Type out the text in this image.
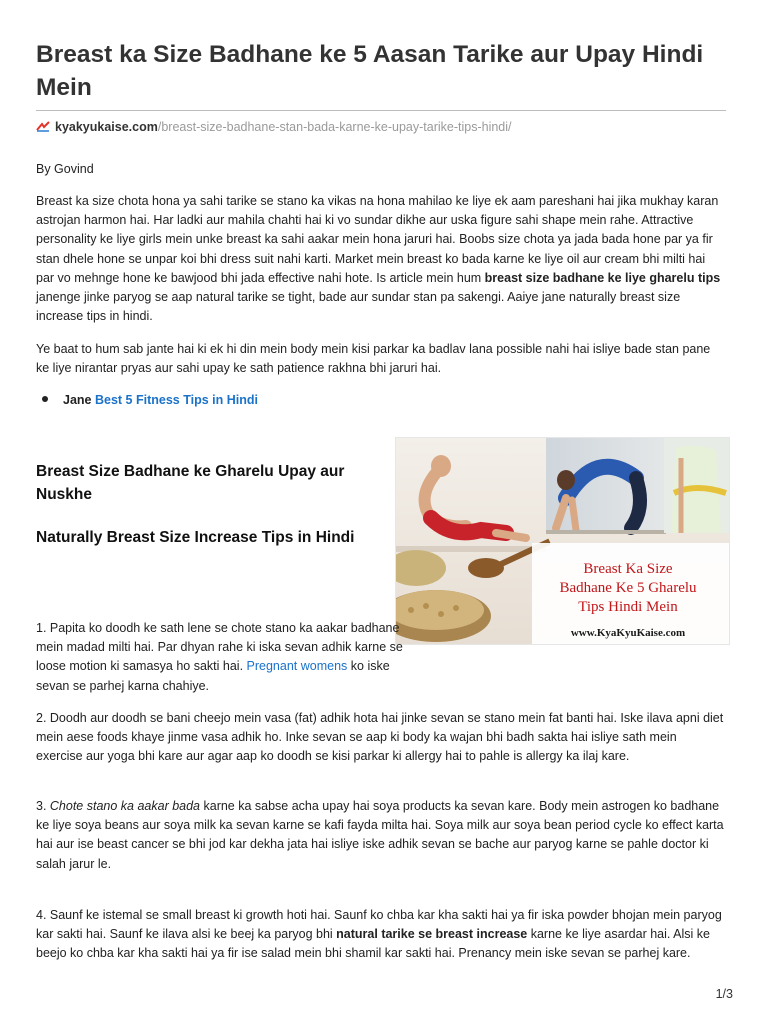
Breast ka Size Badhane ke 5 Aasan Tarike aur Upay Hindi Mein
kyakyukaise.com/breast-size-badhane-stan-bada-karne-ke-upay-tarike-tips-hindi/
By Govind

Breast ka size chota hona ya sahi tarike se stano ka vikas na hona mahilao ke liye ek aam pareshani hai jika mukhay karan astrojan harmon hai. Har ladki aur mahila chahti hai ki vo sundar dikhe aur uska figure sahi shape mein rahe. Attractive personality ke liye girls mein unke breast ka sahi aakar mein hona jaruri hai. Boobs size chota ya jada bada hone par ya fir stan dhele hone se unpar koi bhi dress suit nahi karti. Market mein breast ko bada karne ke liye oil aur cream bhi milti hai par vo mehnge hone ke bawjood bhi jada effective nahi hote. Is article mein hum breast size badhane ke liye gharelu tips janenge jinke paryog se aap natural tarike se tight, bade aur sundar stan pa sakengi. Aaiye jane naturally breast size increase tips in hindi.

Ye baat to hum sab jante hai ki ek hi din mein body mein kisi parkar ka badlav lana possible nahi hai isliye bade stan pane ke liye nirantar pryas aur sahi upay ke sath patience rakhna bhi jaruri hai.

Jane Best 5 Fitness Tips in Hindi
Breast Size Badhane ke Gharelu Upay aur Nuskhe
Naturally Breast Size Increase Tips in Hindi
Breast Ka Size
Badhane Ke 5 Gharelu
Tips Hindi Mein
www.KyaKyuKaise.com

1. Papita ko doodh ke sath lene se chote stano ka aakar badhane mein madad milti hai. Par dhyan rahe ki iska sevan adhik karne se loose motion ki samasya ho sakti hai. Pregnant womens ko iske sevan se parhej karna chahiye.

2. Doodh aur doodh se bani cheejo mein vasa (fat) adhik hota hai jinke sevan se stano mein fat banti hai. Iske ilava apni diet mein aese foods khaye jinme vasa adhik ho. Inke sevan se aap ki body ka wajan bhi badh sakta hai isliye sath mein exercise aur yoga bhi kare aur agar aap ko doodh se kisi parkar ki allergy hai to pahle is allergy ka ilaj kare.

3. Chote stano ka aakar bada karne ka sabse acha upay hai soya products ka sevan kare. Body mein astrogen ko badhane ke liye soya beans aur soya milk ka sevan karne se kafi fayda milta hai. Soya milk aur soya bean period cycle ko effect karta hai aur ise beast cancer se bhi jod kar dekha jata hai isliye iske adhik sevan se bache aur paryog karne se pahle doctor ki salah jarur le.

4. Saunf ke istemal se small breast ki growth hoti hai. Saunf ko chba kar kha sakti hai ya fir iska powder bhojan mein paryog kar sakti hai. Saunf ke ilava alsi ke beej ka paryog bhi natural tarike se breast increase karne ke liye asardar hai. Alsi ke beejo ko chba kar kha sakti hai ya fir ise salad mein bhi shamil kar sakti hai. Prenancy mein iske sevan se parhej kare.

1/3
